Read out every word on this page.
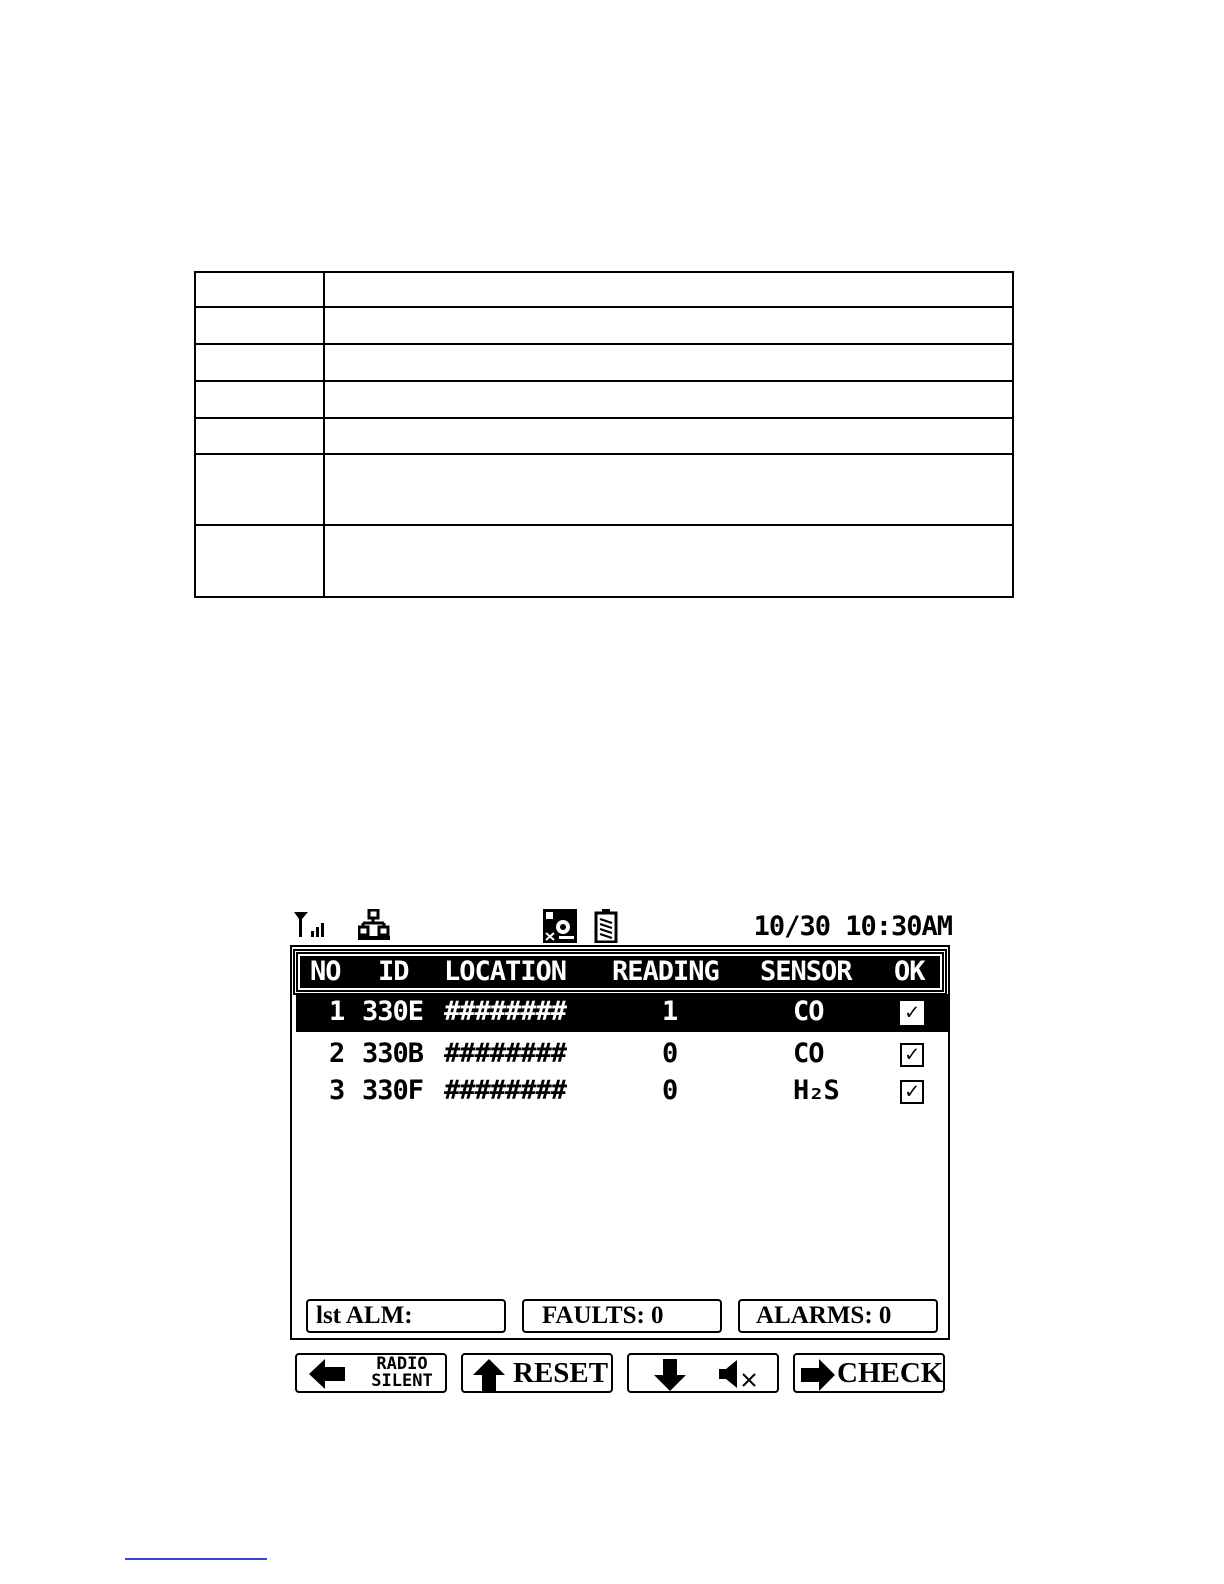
10/30 10:30AM
NO ID LOCATION READING SENSOR OK
1 330E ########	1	CO	✓
2 330B ########	0	CO	✓
3 330F ########	0	H₂S	✓
lst ALM:	FAULTS: 0	ALARMS: 0
RADIO
SILENT	RESET	CHECK
